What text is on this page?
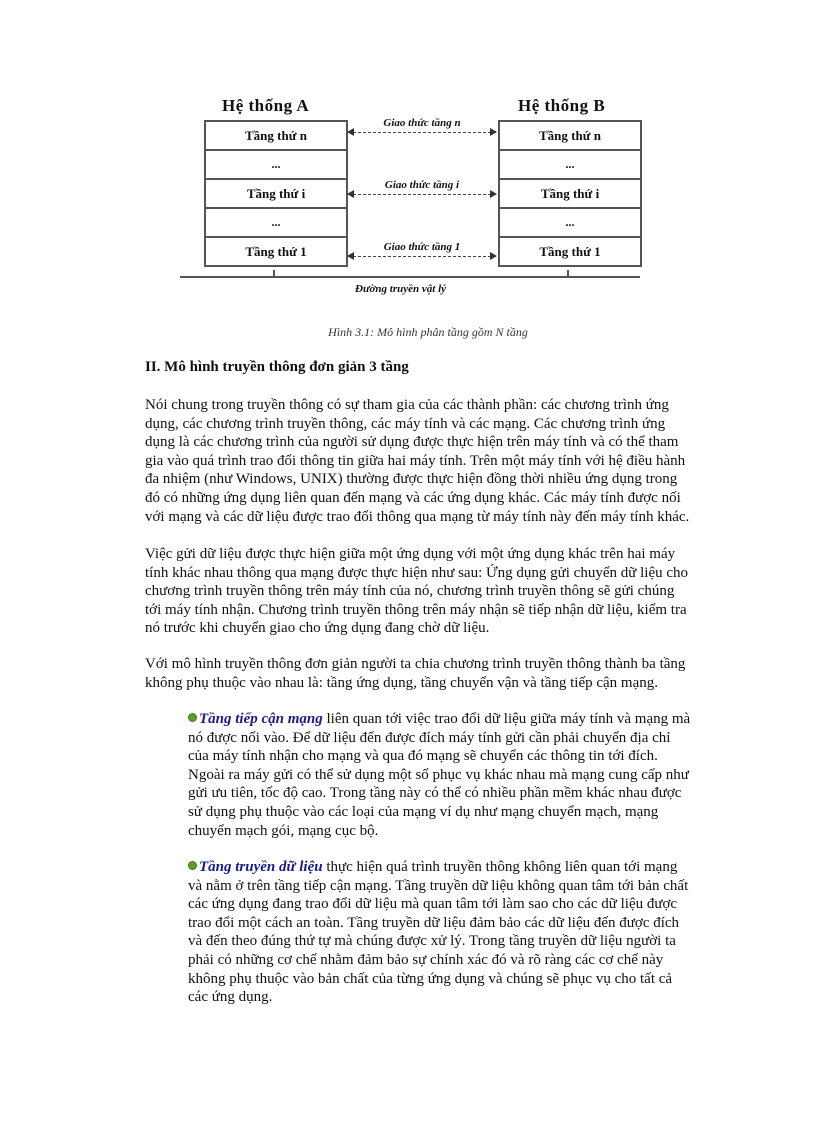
Hệ thống A	Hệ thống B
Tầng thứ n
...
Tầng thứ i
...
Tầng thứ 1
Tầng thứ n
...
Tầng thứ i
...
Tầng thứ 1
Giao thức tầng n
Giao thức tầng i
Giao thức tầng 1
Đường truyền vật lý
Hình 3.1: Mô hình phân tầng gồm N tầng
II. Mô hình truyền thông đơn giản 3 tầng

Nói chung trong truyền thông có sự tham gia của các thành phần: các chương trình ứng dụng, các chương trình truyền thông, các máy tính và các mạng. Các chương trình ứng dụng là các chương trình của người sử dụng được thực hiện trên máy tính và có thể tham gia vào quá trình trao đổi thông tin giữa hai máy tính. Trên một máy tính với hệ điều hành đa nhiệm (như Windows, UNIX) thường được thực hiện đồng thời nhiều ứng dụng trong đó có những ứng dụng liên quan đến mạng và các ứng dụng khác. Các máy tính được nối với mạng và các dữ liệu được trao đổi thông qua mạng từ máy tính này đến máy tính khác.

Việc gửi dữ liệu được thực hiện giữa một ứng dụng với một ứng dụng khác trên hai máy tính khác nhau thông qua mạng được thực hiện như sau: Ứng dụng gửi chuyển dữ liệu cho chương trình truyền thông trên máy tính của nó, chương trình truyền thông sẽ gửi chúng tới máy tính nhận. Chương trình truyền thông trên máy nhận sẽ tiếp nhận dữ liệu, kiểm tra nó trước khi chuyển giao cho ứng dụng đang chờ dữ liệu.

Với mô hình truyền thông đơn giản người ta chia chương trình truyền thông thành ba tầng không phụ thuộc vào nhau là: tầng ứng dụng, tầng chuyển vận và tầng tiếp cận mạng.

Tầng tiếp cận mạng liên quan tới việc trao đổi dữ liệu giữa máy tính và mạng mà nó được nối vào. Để dữ liệu đến được đích máy tính gửi cần phải chuyển địa chỉ của máy tính nhận cho mạng và qua đó mạng sẽ chuyển các thông tin tới đích. Ngoài ra máy gửi có thể sử dụng một số phục vụ khác nhau mà mạng cung cấp như gửi ưu tiên, tốc độ cao. Trong tầng này có thể có nhiều phần mềm khác nhau được sử dụng phụ thuộc vào các loại của mạng ví dụ như mạng chuyển mạch, mạng chuyển mạch gói, mạng cục bộ.

Tầng truyền dữ liệu thực hiện quá trình truyền thông không liên quan tới mạng và nằm ở trên tầng tiếp cận mạng. Tầng truyền dữ liệu không quan tâm tới bản chất các ứng dụng đang trao đổi dữ liệu mà quan tâm tới làm sao cho các dữ liệu được trao đổi một cách an toàn. Tầng truyền dữ liệu đảm bảo các dữ liệu đến được đích và đến theo đúng thứ tự mà chúng được xử lý. Trong tầng truyền dữ liệu người ta phải có những cơ chế nhằm đảm bảo sự chính xác đó và rõ ràng các cơ chế này không phụ thuộc vào bản chất của từng ứng dụng và chúng sẽ phục vụ cho tất cả các ứng dụng.
